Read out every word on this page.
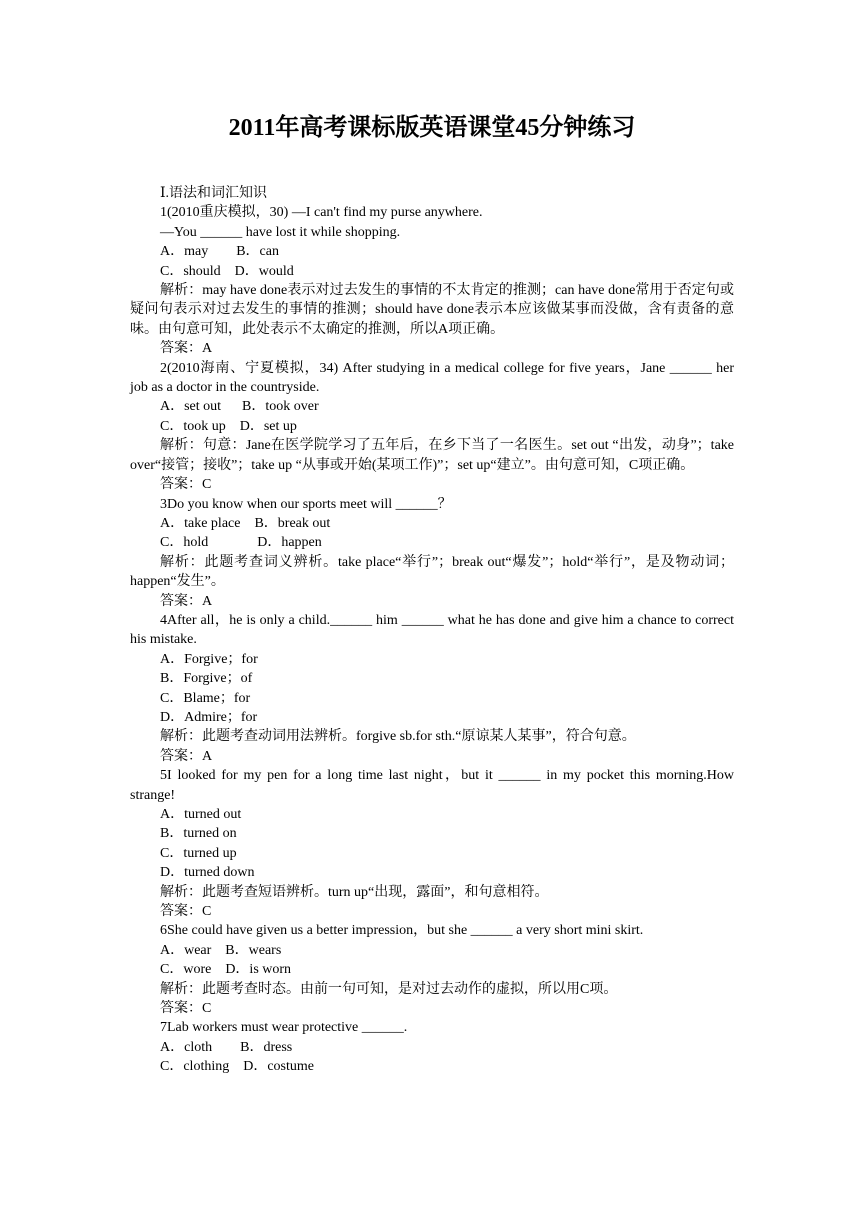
2011年高考课标版英语课堂45分钟练习
Ⅰ.语法和词汇知识
1(2010重庆模拟，30) —I can't find my purse anywhere.
—You ______ have lost it while shopping.
A．may        B．can
C．should    D．would
解析：may have done表示对过去发生的事情的不太肯定的推测；can have done常用于否定句或疑问句表示对过去发生的事情的推测；should have done表示本应该做某事而没做，含有责备的意味。由句意可知，此处表示不太确定的推测，所以A项正确。
答案：A
2(2010海南、宁夏模拟，34) After studying in a medical college for five years，Jane ______ her job as a doctor in the countryside.
A．set out      B．took over
C．took up    D．set up
解析：句意：Jane在医学院学习了五年后，在乡下当了一名医生。set out “出发，动身”；take over“接管；接收”；take up “从事或开始(某项工作)”；set up“建立”。由句意可知，C项正确。
答案：C
3Do you know when our sports meet will ______？
A．take place    B．break out
C．hold              D．happen
解析：此题考查词义辨析。take place“举行”；break out“爆发”；hold“举行”，是及物动词；happen“发生”。
答案：A
4After all，he is only a child.______ him ______ what he has done and give him a chance to correct his mistake.
A．Forgive；for
B．Forgive；of
C．Blame；for
D．Admire；for
解析：此题考查动词用法辨析。forgive sb.for sth.“原谅某人某事”，符合句意。
答案：A
5I looked for my pen for a long time last night，but it ______ in my pocket this morning.How strange!
A．turned out
B．turned on
C．turned up
D．turned down
解析：此题考查短语辨析。turn up“出现，露面”，和句意相符。
答案：C
6She could have given us a better impression，but she ______ a very short mini skirt.
A．wear    B．wears
C．wore    D．is worn
解析：此题考查时态。由前一句可知，是对过去动作的虚拟，所以用C项。
答案：C
7Lab workers must wear protective ______.
A．cloth        B．dress
C．clothing    D．costume
